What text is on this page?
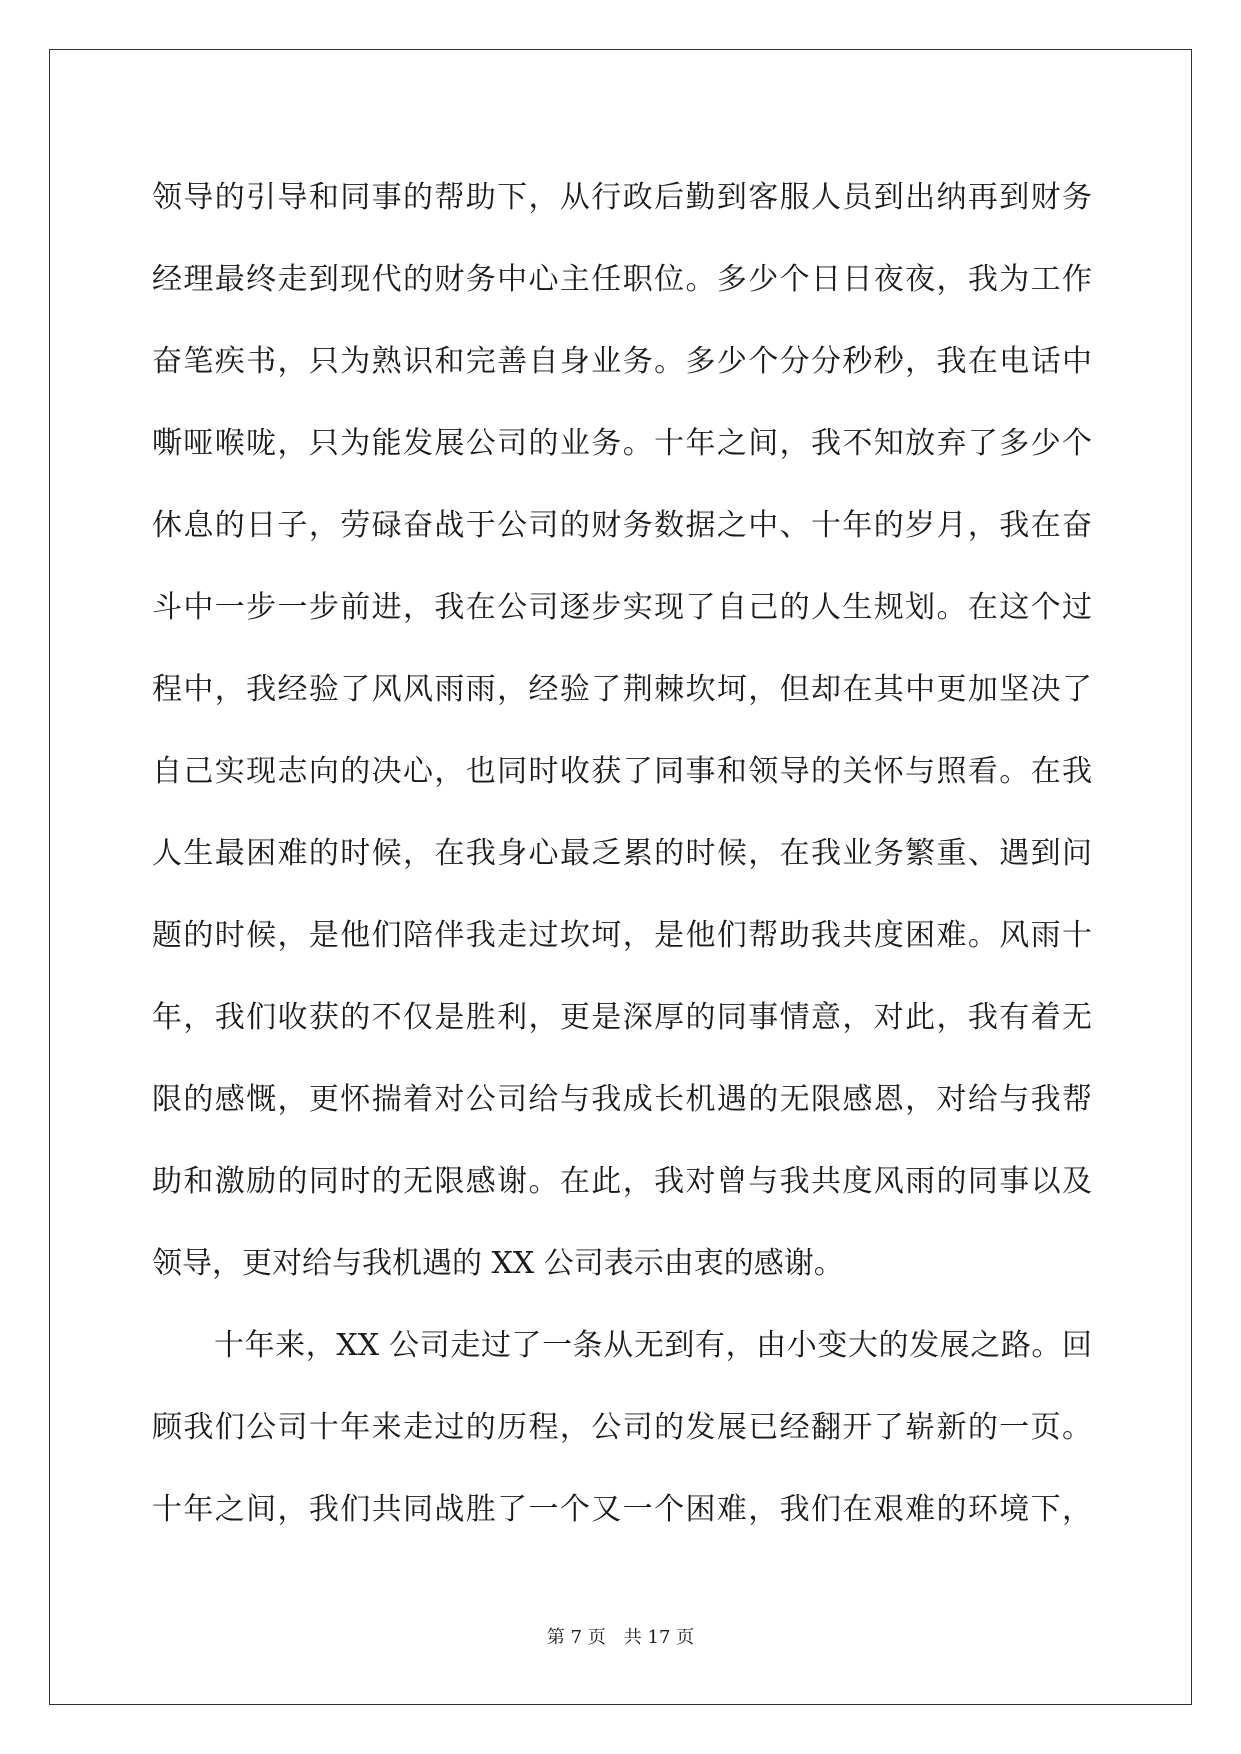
领导的引导和同事的帮助下，从行政后勤到客服人员到出纳再到财务
经理最终走到现代的财务中心主任职位。多少个日日夜夜，我为工作
奋笔疾书，只为熟识和完善自身业务。多少个分分秒秒，我在电话中
嘶哑喉咙，只为能发展公司的业务。十年之间，我不知放弃了多少个
休息的日子，劳碌奋战于公司的财务数据之中、十年的岁月，我在奋
斗中一步一步前进，我在公司逐步实现了自己的人生规划。在这个过
程中，我经验了风风雨雨，经验了荆棘坎坷，但却在其中更加坚决了
自己实现志向的决心，也同时收获了同事和领导的关怀与照看。在我
人生最困难的时候，在我身心最乏累的时候，在我业务繁重、遇到问
题的时候，是他们陪伴我走过坎坷，是他们帮助我共度困难。风雨十
年，我们收获的不仅是胜利，更是深厚的同事情意，对此，我有着无
限的感慨，更怀揣着对公司给与我成长机遇的无限感恩，对给与我帮
助和激励的同时的无限感谢。在此，我对曾与我共度风雨的同事以及
领导，更对给与我机遇的 XX 公司表示由衷的感谢。
十年来，XX 公司走过了一条从无到有，由小变大的发展之路。回
顾我们公司十年来走过的历程，公司的发展已经翻开了崭新的一页。
十年之间，我们共同战胜了一个又一个困难，我们在艰难的环境下，
第 7 页 共 17 页
